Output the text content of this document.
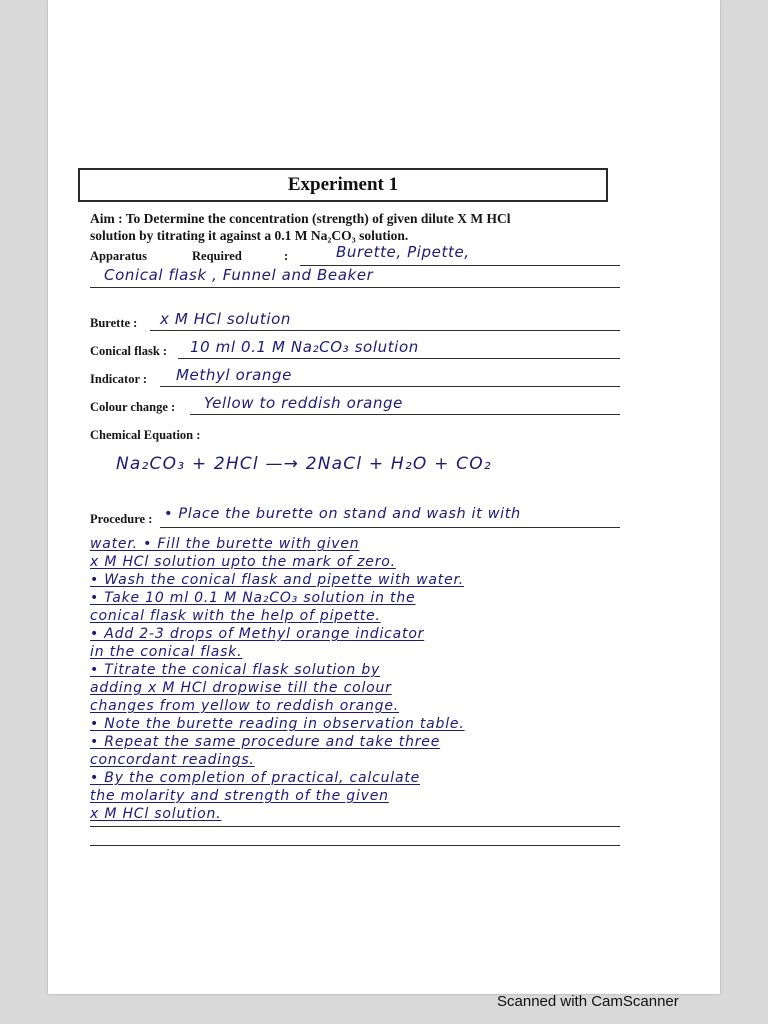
Experiment 1
Aim : To Determine the concentration (strength) of given dilute X M HCl
solution by titrating it against a 0.1 M Na₂CO₃ solution.
Apparatus	Required	:	Burette, Pipette,
Conical flask , Funnel and Beaker
Burette : x M HCl solution
Conical flask : 10 ml 0.1 M Na₂CO₃ solution
Indicator : Methyl orange
Colour change : Yellow to reddish orange
Chemical Equation :
Na₂CO₃ + 2HCl —→ 2NaCl + H₂O + CO₂
Procedure : • Place the burette on stand and wash it with
water. • Fill the burette with given
x M HCl solution upto the mark of zero.
• Wash the conical flask and pipette with water.
• Take 10 ml 0.1 M Na₂CO₃ solution in the
conical flask with the help of pipette.
• Add 2-3 drops of Methyl orange indicator
in the conical flask.
• Titrate the conical flask solution by
adding x M HCl dropwise till the colour
changes from yellow to reddish orange.
• Note the burette reading in observation table.
• Repeat the same procedure and take three
concordant readings.
• By the completion of practical, calculate
the molarity and strength of the given
x M HCl solution.
Scanned with CamScanner
